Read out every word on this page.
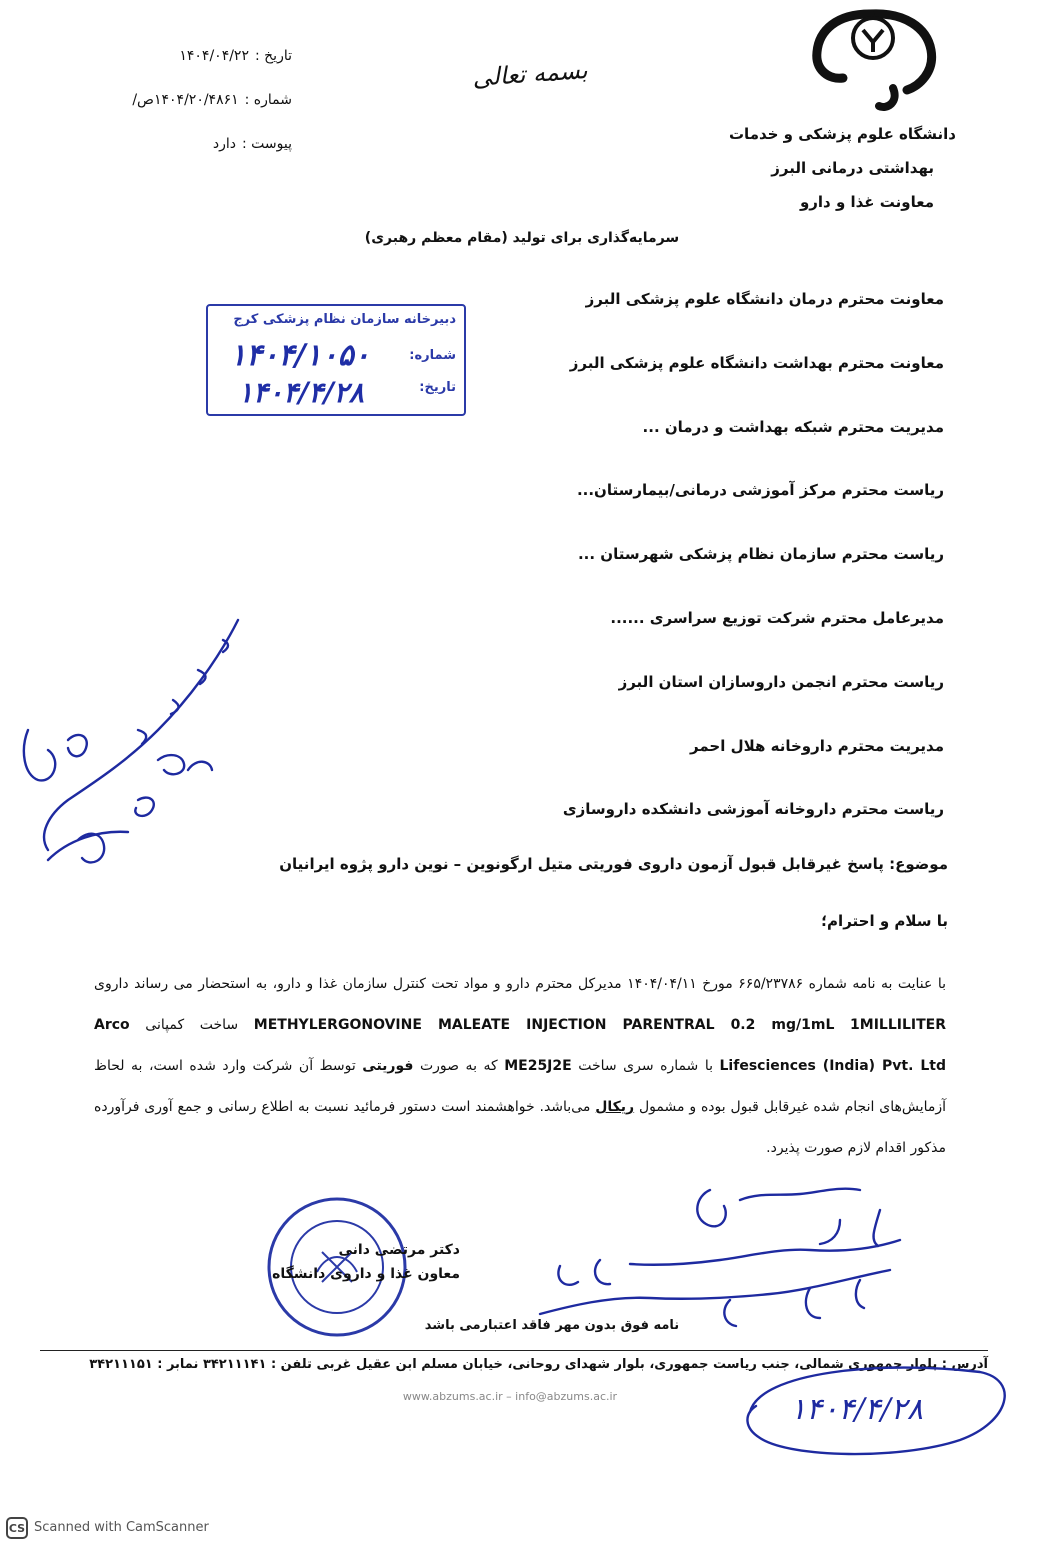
دانشگاه علوم پزشکی و خدمات
بهداشتی درمانی البرز
معاونت غذا و دارو
بسمه تعالی
تاریخ :
۱۴۰۴/۰۴/۲۲
شماره :
۱۴۰۴/۲۰/۴۸۶۱ص/
پیوست :
دارد
سرمایه‌گذاری برای تولید (مقام معظم رهبری)
دبیرخانه سازمان نظام پزشکی کرج
شماره:
تاریخ:
۱۴۰۴/۱۰۵۰
۱۴۰۴/۴/۲۸
معاونت محترم درمان دانشگاه علوم پزشکی البرز
معاونت محترم بهداشت دانشگاه علوم پزشکی البرز
مدیریت محترم شبکه بهداشت و درمان ...
ریاست محترم مرکز آموزشی درمانی/بیمارستان...
ریاست محترم سازمان نظام پزشکی شهرستان ...
مدیرعامل محترم شرکت توزیع سراسری ......
ریاست محترم انجمن داروسازان استان البرز
مدیریت محترم داروخانه هلال احمر
ریاست محترم داروخانه آموزشی دانشکده داروسازی
موضوع: پاسخ غیرقابل قبول آزمون داروی فوریتی متیل ارگونوین – نوین دارو پژوه ایرانیان
با سلام و احترام؛
با عنایت به نامه شماره ۶۶۵/۲۳۷۸۶ مورخ ۱۴۰۴/۰۴/۱۱ مدیرکل محترم دارو و مواد تحت کنترل سازمان غذا و دارو، به استحضار می رساند داروی METHYLERGONOVINE MALEATE INJECTION PARENTRAL 0.2 mg/1mL 1MILLILITER ساخت کمپانی Arco Lifesciences (India) Pvt. Ltd با شماره سری ساخت ME25J2E که به صورت فوریتی توسط آن شرکت وارد شده است، به لحاظ آزمایش‌های انجام شده غیرقابل قبول بوده و مشمول ریکال می‌باشد. خواهشمند است دستور فرمائید نسبت به اطلاع رسانی و جمع آوری فرآورده مذکور اقدام لازم صورت پذیرد.
دکتر مرتضی دانی
معاون غذا و داروی دانشگاه
نامه فوق بدون مهر فاقد اعتبارمی باشد
آدرس : بلوار جمهوری شمالی، جنب ریاست جمهوری، بلوار شهدای روحانی، خیابان مسلم ابن عقیل غربی تلفن : ۳۴۲۱۱۱۴۱ نمابر : ۳۴۲۱۱۱۵۱
www.abzums.ac.ir – info@abzums.ac.ir	۱۴۰۴/۴/۲۸
CS Scanned with CamScanner
